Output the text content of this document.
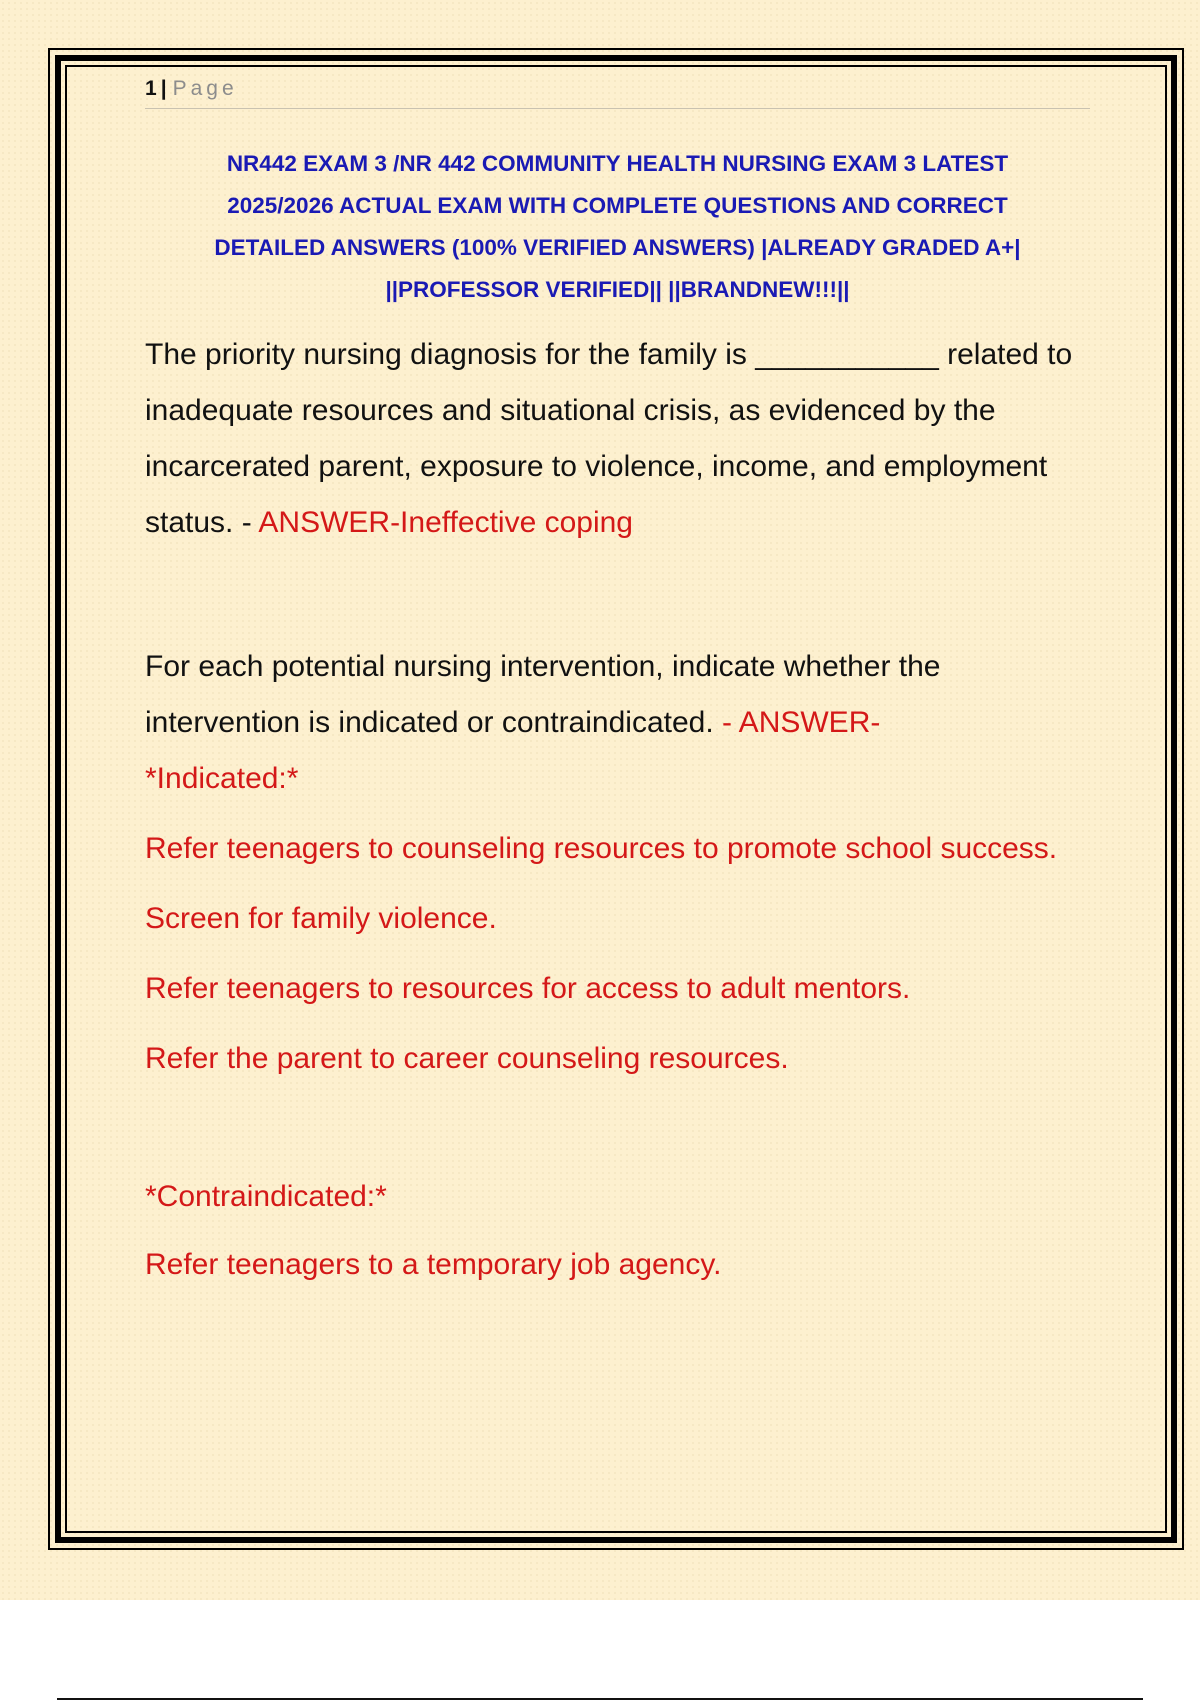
1 | Page
NR442 EXAM 3 /NR 442 COMMUNITY HEALTH NURSING EXAM 3 LATEST
2025/2026 ACTUAL EXAM WITH COMPLETE QUESTIONS AND CORRECT
DETAILED ANSWERS (100% VERIFIED ANSWERS) |ALREADY GRADED A+|
||PROFESSOR VERIFIED|| ||BRANDNEW!!!||
The priority nursing diagnosis for the family is ___________ related to inadequate resources and situational crisis, as evidenced by the incarcerated parent, exposure to violence, income, and employment status. - ANSWER-Ineffective coping
For each potential nursing intervention, indicate whether the intervention is indicated or contraindicated. - ANSWER-
*Indicated:*
Refer teenagers to counseling resources to promote school success.
Screen for family violence.
Refer teenagers to resources for access to adult mentors.
Refer the parent to career counseling resources.
*Contraindicated:*
Refer teenagers to a temporary job agency.
